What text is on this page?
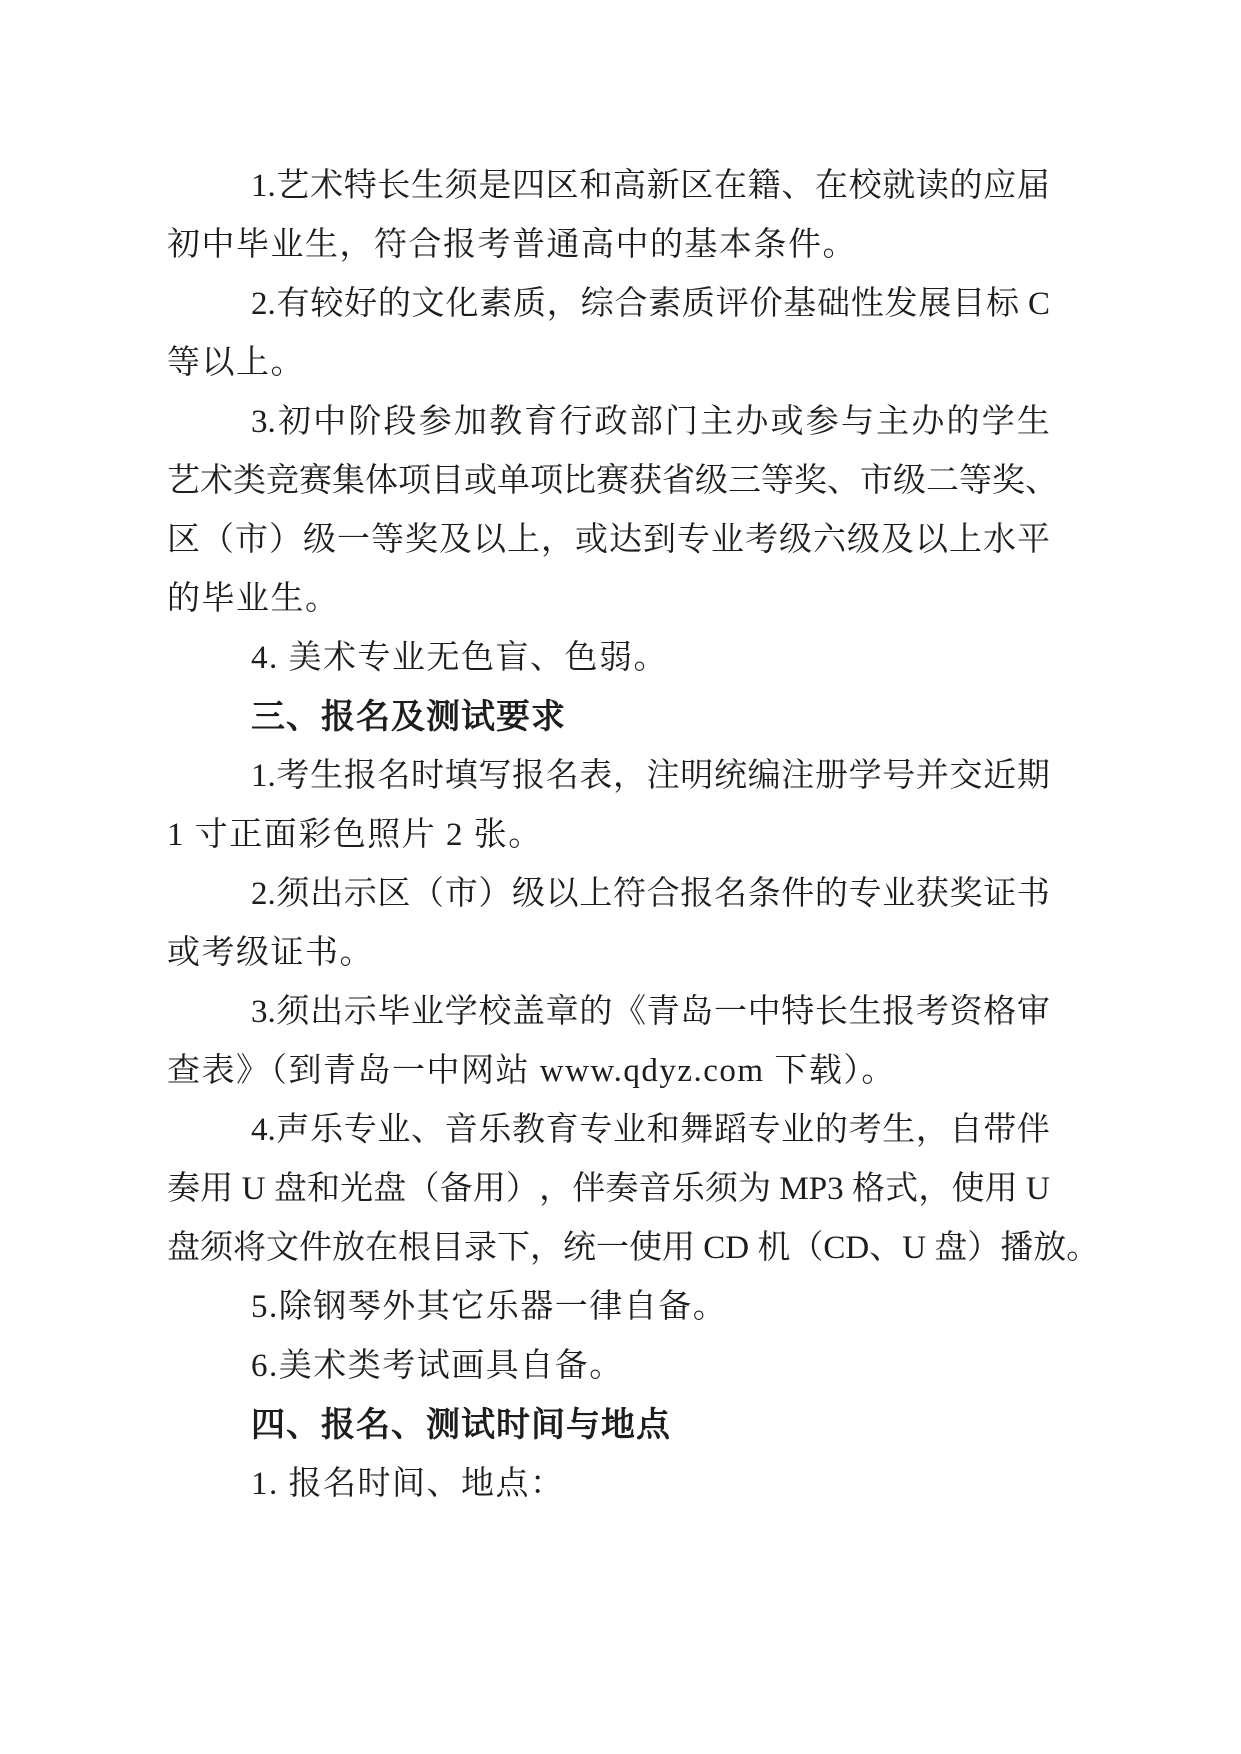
1. 艺 术 特 长 生 须 是 四 区 和 高 新 区 在 籍 、 在 校 就 读 的 应 届
初中毕业生，符合报考普通高中的基本条件。
2. 有 较 好 的 文 化 素 质 ， 综 合 素 质 评 价 基 础 性 发 展 目 标 C
等以上。
3. 初 中 阶 段 参 加 教 育 行 政 部 门 主 办 或 参 与 主 办 的 学 生
艺 术 类 竞 赛 集 体 项 目 或 单 项 比 赛 获 省 级 三 等 奖 、 市 级 二 等 奖 、
区 （ 市 ） 级 一 等 奖 及 以 上 ， 或 达 到 专 业 考 级 六 级 及 以 上 水 平
的毕业生。
4. 美术专业无色盲、色弱。
三、报名及测试要求
1. 考 生 报 名 时 填 写 报 名 表 ， 注 明 统 编 注 册 学 号 并 交 近 期
1 寸正面彩色照片 2 张。
2. 须 出 示 区 （ 市 ） 级 以 上 符 合 报 名 条 件 的 专 业 获 奖 证 书
或考级证书。
3. 须 出 示 毕 业 学 校 盖 章 的 《 青 岛 一 中 特 长 生 报 考 资 格 审
查表》（到青岛一中网站 www.qdyz.com 下载）。
4. 声 乐 专 业 、 音 乐 教 育 专 业 和 舞 蹈 专 业 的 考 生 ， 自 带 伴
奏 用 U 盘 和 光 盘 （ 备 用 ） ， 伴 奏 音 乐 须 为 MP3 格 式 ， 使 用 U
盘 须 将 文 件 放 在 根 目 录 下 ， 统 一 使 用 CD 机 （ CD 、 U 盘 ） 播 放 。
5.除钢琴外其它乐器一律自备。
6.美术类考试画具自备。
四、报名、测试时间与地点
1. 报名时间、地点：
